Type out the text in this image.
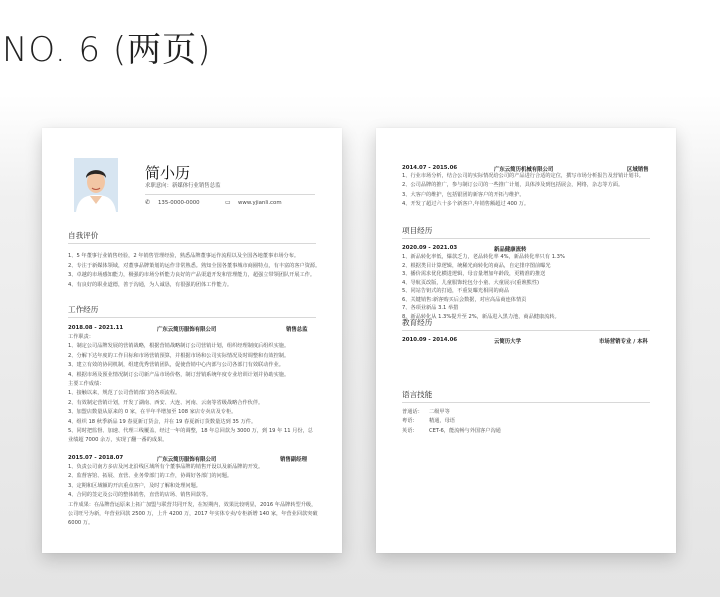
NO. 6 (两页)
简小历
求职意向：新媒体行业销售总监
✆ 135-0000-0000	▭ www.yjianli.com
自我评价
1、5 年董事行业销售经验，2 年销售管理经验，熟悉品牌董事运作流程以及全国各地董事市场分布。
2、专注于新媒体领域，对董事品牌策划的运作非常熟悉。熟知全国各董事城市商圈特点，有丰富的客户资源。
3、卓越的市场感知能力，极强的市场分析能力良好的产品渠道开发和管理能力，超强立带领团队开展工作。
4、有良好的职业道德，善于沟通，为人诚恳，有很强的团体工作能力。
工作经历
2018.08 - 2021.11	广东云简历服饰有限公司	销售总监
工作职责：
1、制定公司品牌发展的营销战略，根据营销战略制订公司营销计划，组织经理制度后组织实施。
2、分解下达年度的工作目标和市场营销预算，并根据市场和公司实际情况及时调整和有效控制。
3、建立有效的协同机制，组建优秀营销团队，促使营销中心内部与公司各部门有效联动作业。
4、根据市场及预业情况制订公司新产品市场价格，制订营销系统年度专业培训计划并协助实施。
主要工作成绩：
1、接触以来，规范了公司营销部门的各项流程。
2、有效制定营销计划，开发了湖南、西安、大连、河南、云南等省级战略合作伙伴。
3、加盟店数量从原来的 0 家，在半年半增加至 108 家店专卖店及专柜。
4、组织 18 秋季新品 19 春夏新订货会，并在 19 春夏新订货数量达到 35 万件。
5、同时把监督、加速、代理三线覆盖，经过一年的调整，18 年总回款为 3000 万，到 19 年 11 月份，总
业绩超 7000 余万，实现了翻一番的成果。
2015.07 - 2018.07	广东云简历服饰有限公司	销售副经理
1、负责公司南方多店及河北沿线区域所有个董事品牌的销售开设以及新品牌的开发。
2、监督客馆、拓展、直营、业务带部门的工作，协调好各部门的问题。
3、定期和区域额的开店重点客户，及时了解和处理问题。
4、合同的签定及公司的整体销售，直营的店场、销售回款等。
工作成果：在品牌营运原来上拓广加盟与联营共同开发，在短期内，效果比较明显，2016 年品牌转型升级，
公司旺号为新，年营业回款 2500 万，上升 4200 万，2017 年实体专卖/专柜新增 140 家，年营业回款突破
6000 万。
2014.07 - 2015.06	广东云简历机械有限公司	区域销售
1、行业市场分析，结合公司的实际情况给公司的产品进行合适的定位，撰写市场分析报告及营销计划书。
2、公司品牌的推广，参与制订公司的一些推广计划，具体涉及到包括展会，网络，杂志等方面。
3、大客户的维护，包括银团的新客户的开拓与维护。
4、开发了超过六十多个新客户,年销售额超过 400 万。
项目经历
2020.09 - 2021.03	新品健康流转
1、新品转化率低，爆款乏力，老品转化率 4%，新品转化率只有 1.3%
2、根据类目计算逻辑，统稀光商转化的商品，自定排序图前曝光
3、播价需求优化横进逻辑，母音量增加年龄段，更精准的推送
4、导航页改版，儿童服饰轮包分小童、大童展示(重谯熊性)
5、同站告钥式的打通，不重复曝光相同的商品
6、关键销售:新客购买后会数据，对应高品商连体情贡
7、各项业新品 3.1 举措
8、新品转化从 1.3%提升至 2%，新品进入黑力池，商品健康流转。
教育经历
2010.09 - 2014.06	云简历大学	市场营销专业 / 本科
语言技能
普通话： 二级甲等
粤语： 精通，母语
英语： CET-6，能流畅与外国客户沟通
